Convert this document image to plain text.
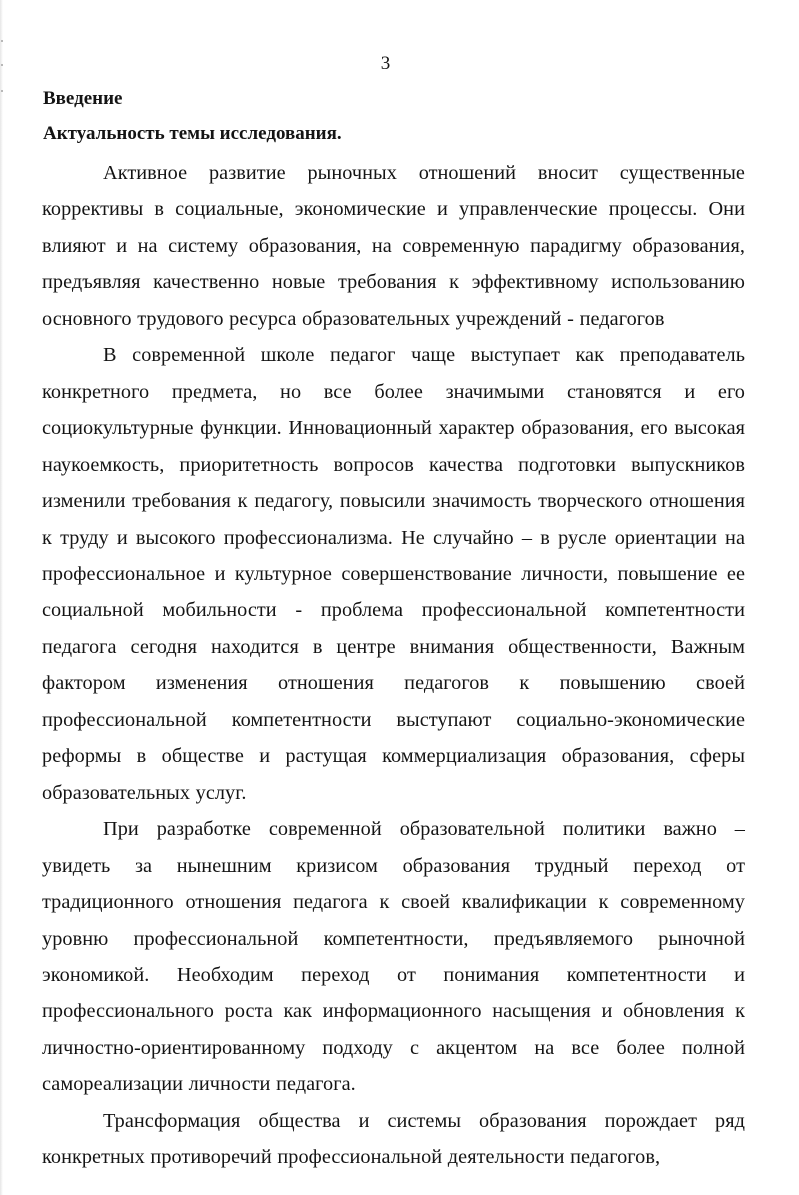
3
Введение
Актуальность темы исследования.

Активное развитие рыночных отношений вносит существенные коррективы в социальные, экономические и управленческие процессы. Они влияют и на систему образования, на современную парадигму образования, предъявляя качественно новые требования к эффективному использованию основного трудового ресурса образовательных учреждений - педагогов

В современной школе педагог чаще выступает как преподаватель конкретного предмета, но все более значимыми становятся и его социокультурные функции. Инновационный характер образования, его высокая наукоемкость, приоритетность вопросов качества подготовки выпускников изменили требования к педагогу, повысили значимость творческого отношения к труду и высокого профессионализма. Не случайно – в русле ориентации на профессиональное и культурное совершенствование личности, повышение ее социальной мобильности - проблема профессиональной компетентности педагога сегодня находится в центре внимания общественности, Важным фактором изменения отношения педагогов к повышению своей профессиональной компетентности выступают социально-экономические реформы в обществе и растущая коммерциализация образования, сферы образовательных услуг.

При разработке современной образовательной политики важно – увидеть за нынешним кризисом образования трудный переход от традиционного отношения педагога к своей квалификации к современному уровню профессиональной компетентности, предъявляемого рыночной экономикой. Необходим переход от понимания компетентности и профессионального роста как информационного насыщения и обновления к личностно-ориентированному подходу с акцентом на все более полной самореализации личности педагога.

Трансформация общества и системы образования порождает ряд конкретных противоречий профессиональной деятельности педагогов,
